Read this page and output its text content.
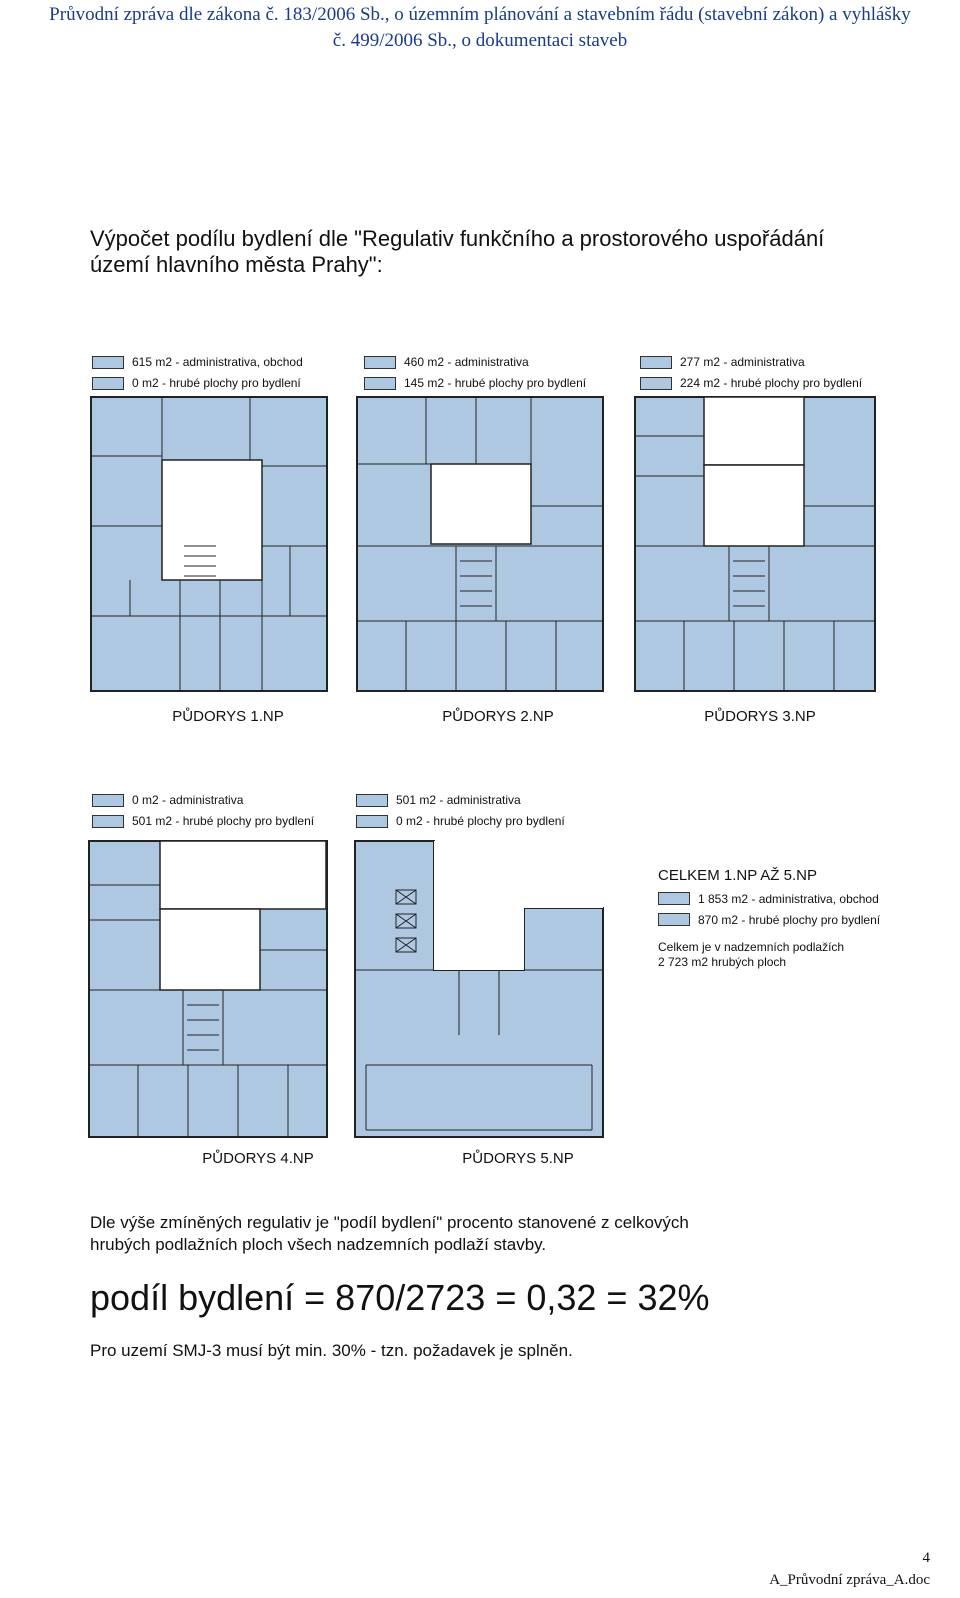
Průvodní zpráva dle zákona č. 183/2006 Sb., o územním plánování a stavebním řádu (stavební zákon) a vyhlášky
č. 499/2006 Sb., o dokumentaci staveb
Výpočet podílu bydlení dle "Regulativ funkčního a prostorového uspořádání
území hlavního města Prahy":
615 m2 - administrativa, obchod
0 m2 - hrubé plochy pro bydlení
460 m2 - administrativa
145 m2 - hrubé plochy pro bydlení
277 m2 - administrativa
224 m2 - hrubé plochy pro bydlení
PŮDORYS 1.NP	PŮDORYS 2.NP	PŮDORYS 3.NP
0 m2 - administrativa
501 m2 - hrubé plochy pro bydlení
501 m2 - administrativa
0 m2 - hrubé plochy pro bydlení
PŮDORYS 4.NP	PŮDORYS 5.NP
CELKEM 1.NP AŽ 5.NP
1 853 m2 - administrativa, obchod
870 m2 - hrubé plochy pro bydlení
Celkem je v nadzemních podlažích
2 723 m2 hrubých ploch
Dle výše zmíněných regulativ je "podíl bydlení" procento stanovené z celkových
hrubých podlažních ploch všech nadzemních podlaží stavby.
podíl bydlení = 870/2723 = 0,32 = 32%
Pro uzemí SMJ-3 musí být min. 30% - tzn. požadavek je splněn.
4
A_Průvodní zpráva_A.doc
